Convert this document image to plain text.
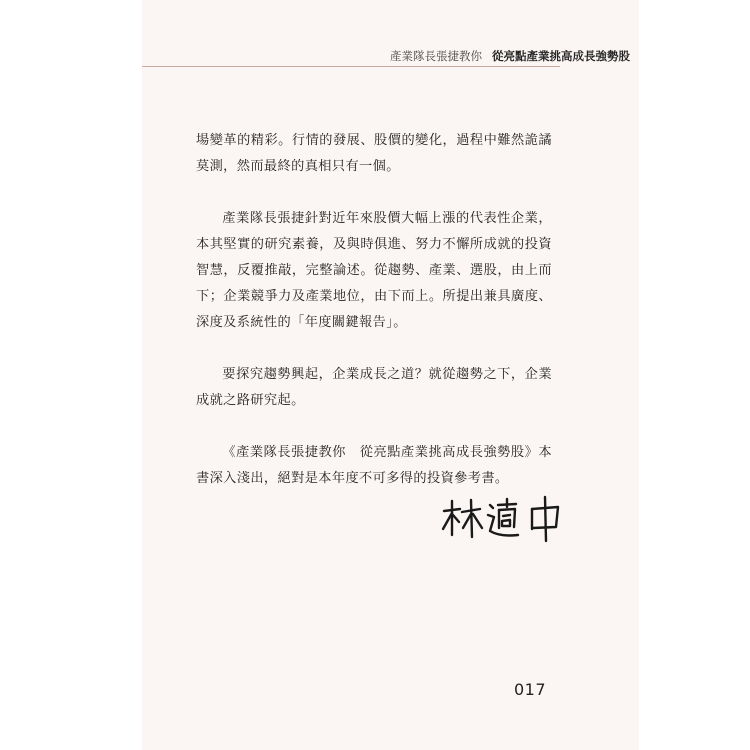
產業隊長張捷教你 從亮點產業挑高成長強勢股

場變革的精彩。行情的發展、股價的變化，過程中難然詭譎莫測，然而最終的真相只有一個。

產業隊長張捷針對近年來股價大幅上漲的代表性企業，本其堅實的研究素養，及與時俱進、努力不懈所成就的投資智慧，反覆推敲，完整論述。從趨勢、產業、選股，由上而下；企業競爭力及產業地位，由下而上。所提出兼具廣度、深度及系統性的「年度關鍵報告」。

要探究趨勢興起，企業成長之道？就從趨勢之下，企業成就之路研究起。

《產業隊長張捷教你　從亮點產業挑高成長強勢股》本書深入淺出，絕對是本年度不可多得的投資參考書。

017
